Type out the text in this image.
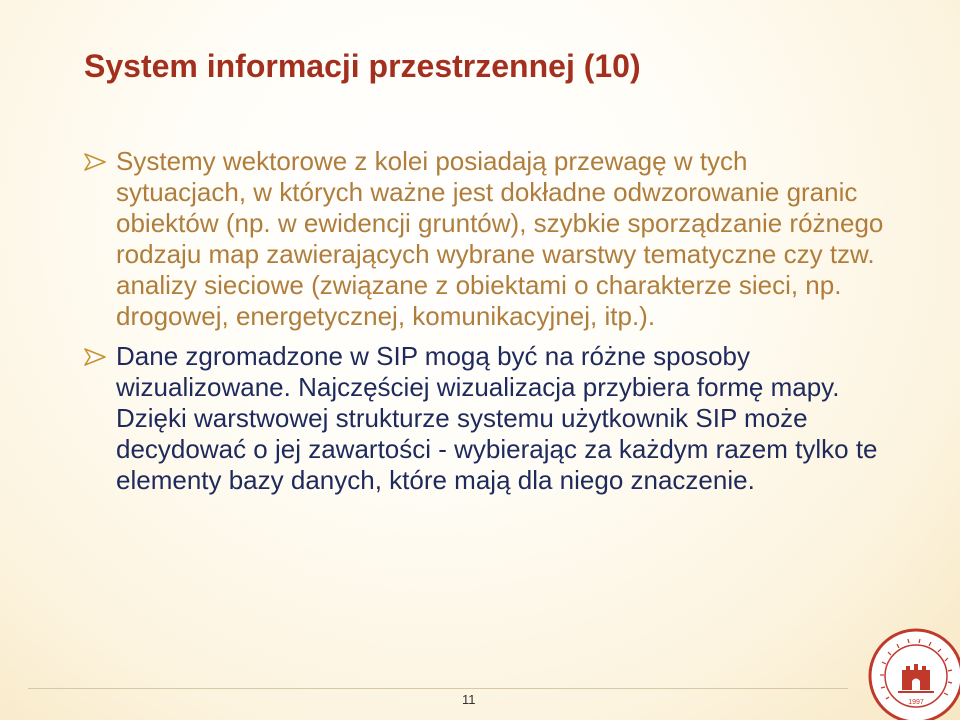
System informacji przestrzennej (10)
Systemy wektorowe z kolei posiadają przewagę w tych sytuacjach, w których ważne jest dokładne odwzorowanie granic obiektów (np. w ewidencji gruntów), szybkie sporządzanie różnego rodzaju map zawierających wybrane warstwy tematyczne czy tzw. analizy sieciowe (związane z obiektami o charakterze sieci, np. drogowej, energetycznej, komunikacyjnej, itp.).
Dane zgromadzone w SIP mogą być na różne sposoby wizualizowane. Najczęściej wizualizacja przybiera formę mapy. Dzięki warstwowej strukturze systemu użytkownik SIP może decydować o jej zawartości - wybierając za każdym razem tylko te elementy bazy danych, które mają dla niego znaczenie.
11	1997
